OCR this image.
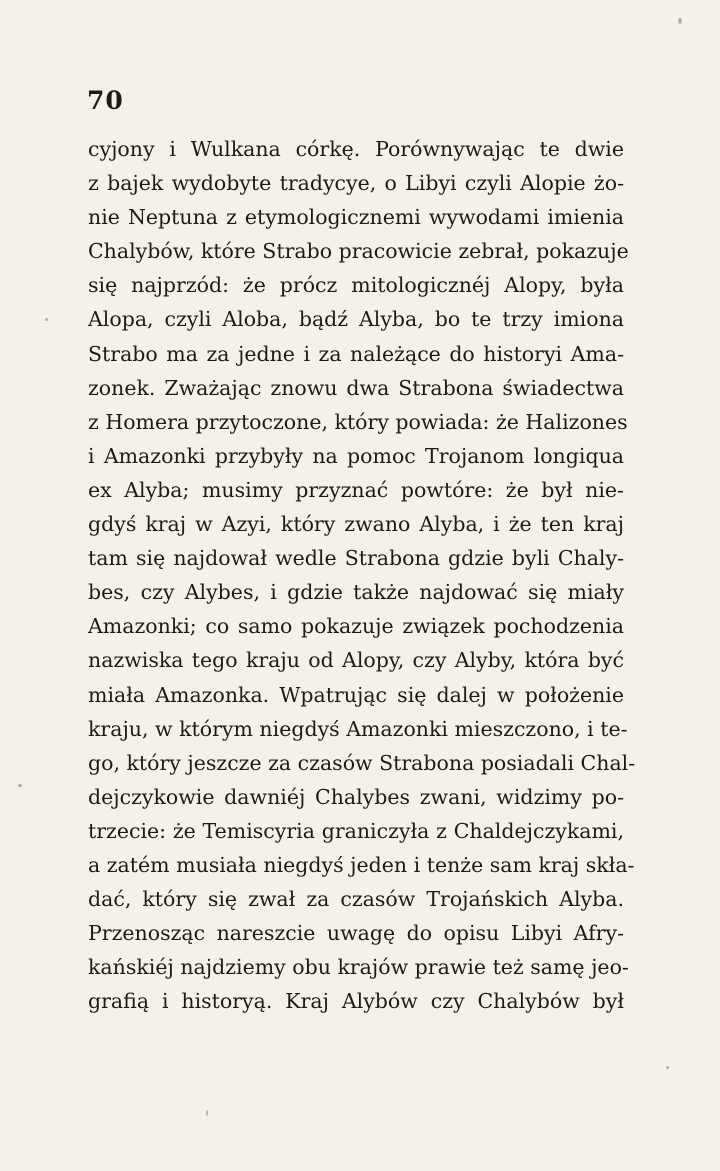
70
cyjony i Wulkana córkę. Porównywając te dwie
z bajek wydobyte tradycye, o Libyi czyli Alopie żo-
nie Neptuna z etymologicznemi wywodami imienia
Chalybów, które Strabo pracowicie zebrał, pokazuje
się najprzód: że prócz mitologicznéj Alopy, była
Alopa, czyli Aloba, bądź Alyba, bo te trzy imiona
Strabo ma za jedne i za należące do historyi Ama-
zonek. Zważając znowu dwa Strabona świadectwa
z Homera przytoczone, który powiada: że Halizones
i Amazonki przybyły na pomoc Trojanom longiqua
ex Alyba; musimy przyznać powtóre: że był nie-
gdyś kraj w Azyi, który zwano Alyba, i że ten kraj
tam się najdował wedle Strabona gdzie byli Chaly-
bes, czy Alybes, i gdzie także najdować się miały
Amazonki; co samo pokazuje związek pochodzenia
nazwiska tego kraju od Alopy, czy Alyby, która być
miała Amazonka. Wpatrując się dalej w położenie
kraju, w którym niegdyś Amazonki mieszczono, i te-
go, który jeszcze za czasów Strabona posiadali Chal-
dejczykowie dawniéj Chalybes zwani, widzimy po-
trzecie: że Temiscyria graniczyła z Chaldejczykami,
a zatém musiała niegdyś jeden i tenże sam kraj skła-
dać, który się zwał za czasów Trojańskich Alyba.
Przenosząc nareszcie uwagę do opisu Libyi Afry-
kańskiéj najdziemy obu krajów prawie też samę jeo-
grafią i historyą. Kraj Alybów czy Chalybów był
